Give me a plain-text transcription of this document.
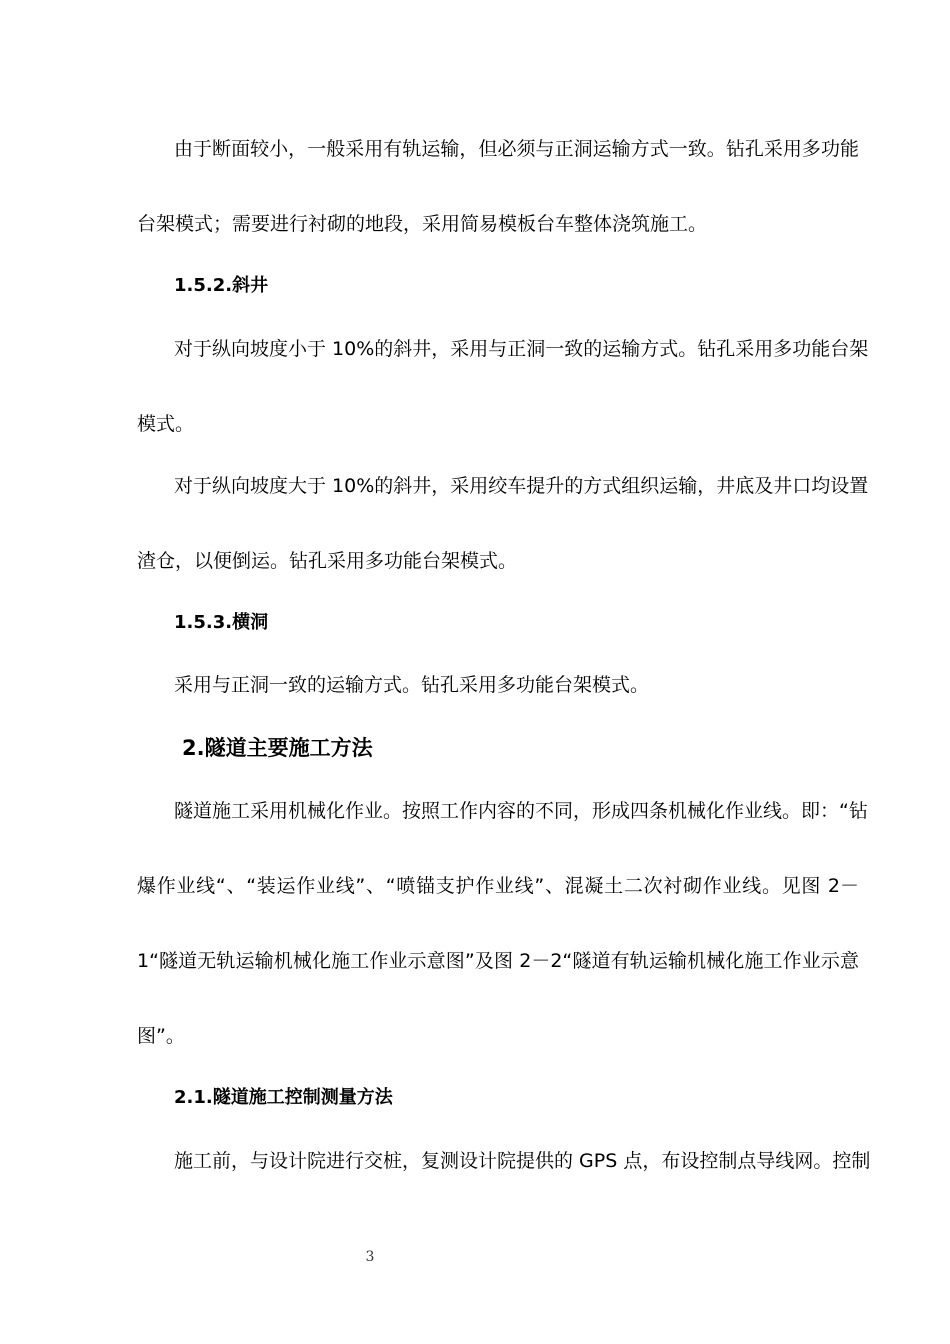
由于断面较小，一般采用有轨运输，但必须与正洞运输方式一致。钻孔采用多功能
台架模式；需要进行衬砌的地段，采用简易模板台车整体浇筑施工。
1.5.2.斜井
对于纵向坡度小于 10%的斜井，采用与正洞一致的运输方式。钻孔采用多功能台架
模式。
对于纵向坡度大于 10%的斜井，采用绞车提升的方式组织运输，井底及井口均设置
渣仓，以便倒运。钻孔采用多功能台架模式。
1.5.3.横洞
采用与正洞一致的运输方式。钻孔采用多功能台架模式。
2.隧道主要施工方法
隧道施工采用机械化作业。按照工作内容的不同，形成四条机械化作业线。即：“钻
爆作业线“、“装运作业线”、“喷锚支护作业线”、混凝土二次衬砌作业线。见图 2－
1“隧道无轨运输机械化施工作业示意图”及图 2－2“隧道有轨运输机械化施工作业示意
图”。
2.1.隧道施工控制测量方法
施工前，与设计院进行交桩，复测设计院提供的 GPS 点，布设控制点导线网。控制
3
